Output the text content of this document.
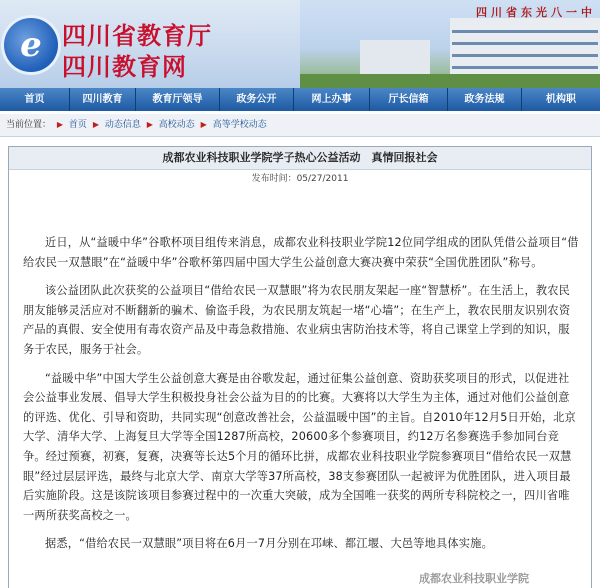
e 四川省教育厅
四川教育网
四川省东光八一中
首页	四川教育	教育厅领导	政务公开	网上办事	厅长信箱	政务法规	机构职
当前位置： ▶ 首页 ▶ 动态信息 ▶ 高校动态 ▶ 高等学校动态
成都农业科技职业学院学子热心公益活动　真情回报社会
发布时间：05/27/2011

近日，从“益暖中华”谷歌杯项目组传来消息，成都农业科技职业学院12位同学组成的团队凭借公益项目“借给农民一双慧眼”在“益暖中华”谷歌杯第四届中国大学生公益创意大赛决赛中荣获“全国优胜团队”称号。

该公益团队此次获奖的公益项目“借给农民一双慧眼”将为农民朋友架起一座“智慧桥”。在生活上，教农民朋友能够灵活应对不断翻新的骗术、偷盗手段，为农民朋友筑起一堵“心墙”；在生产上，教农民朋友识别农资产品的真假、安全使用有毒农资产品及中毒急救措施、农业病虫害防治技术等，将自己课堂上学到的知识，服务于农民，服务于社会。

“益暖中华”中国大学生公益创意大赛是由谷歌发起，通过征集公益创意、资助获奖项目的形式，以促进社会公益事业发展、倡导大学生积极投身社会公益为目的的比赛。大赛将以大学生为主体，通过对他们公益创意的评选、优化、引导和资助，共同实现“创意改善社会，公益温暖中国”的主旨。自2010年12月5日开始，北京大学、清华大学、上海复旦大学等全国1287所高校，20600多个参赛项目，约12万名参赛选手参加同台竞争。经过预赛，初赛，复赛，决赛等长达5个月的循环比拼，成都农业科技职业学院参赛项目“借给农民一双慧眼”经过层层评选，最终与北京大学、南京大学等37所高校，38支参赛团队一起被评为优胜团队，进入项目最后实施阶段。这是该院该项目参赛过程中的一次重大突破，成为全国唯一获奖的两所专科院校之一，四川省唯一两所获奖高校之一。

据悉，“借给农民一双慧眼”项目将在6月一7月分别在邛崃、都江堰、大邑等地具体实施。

成都农业科技职业学院
